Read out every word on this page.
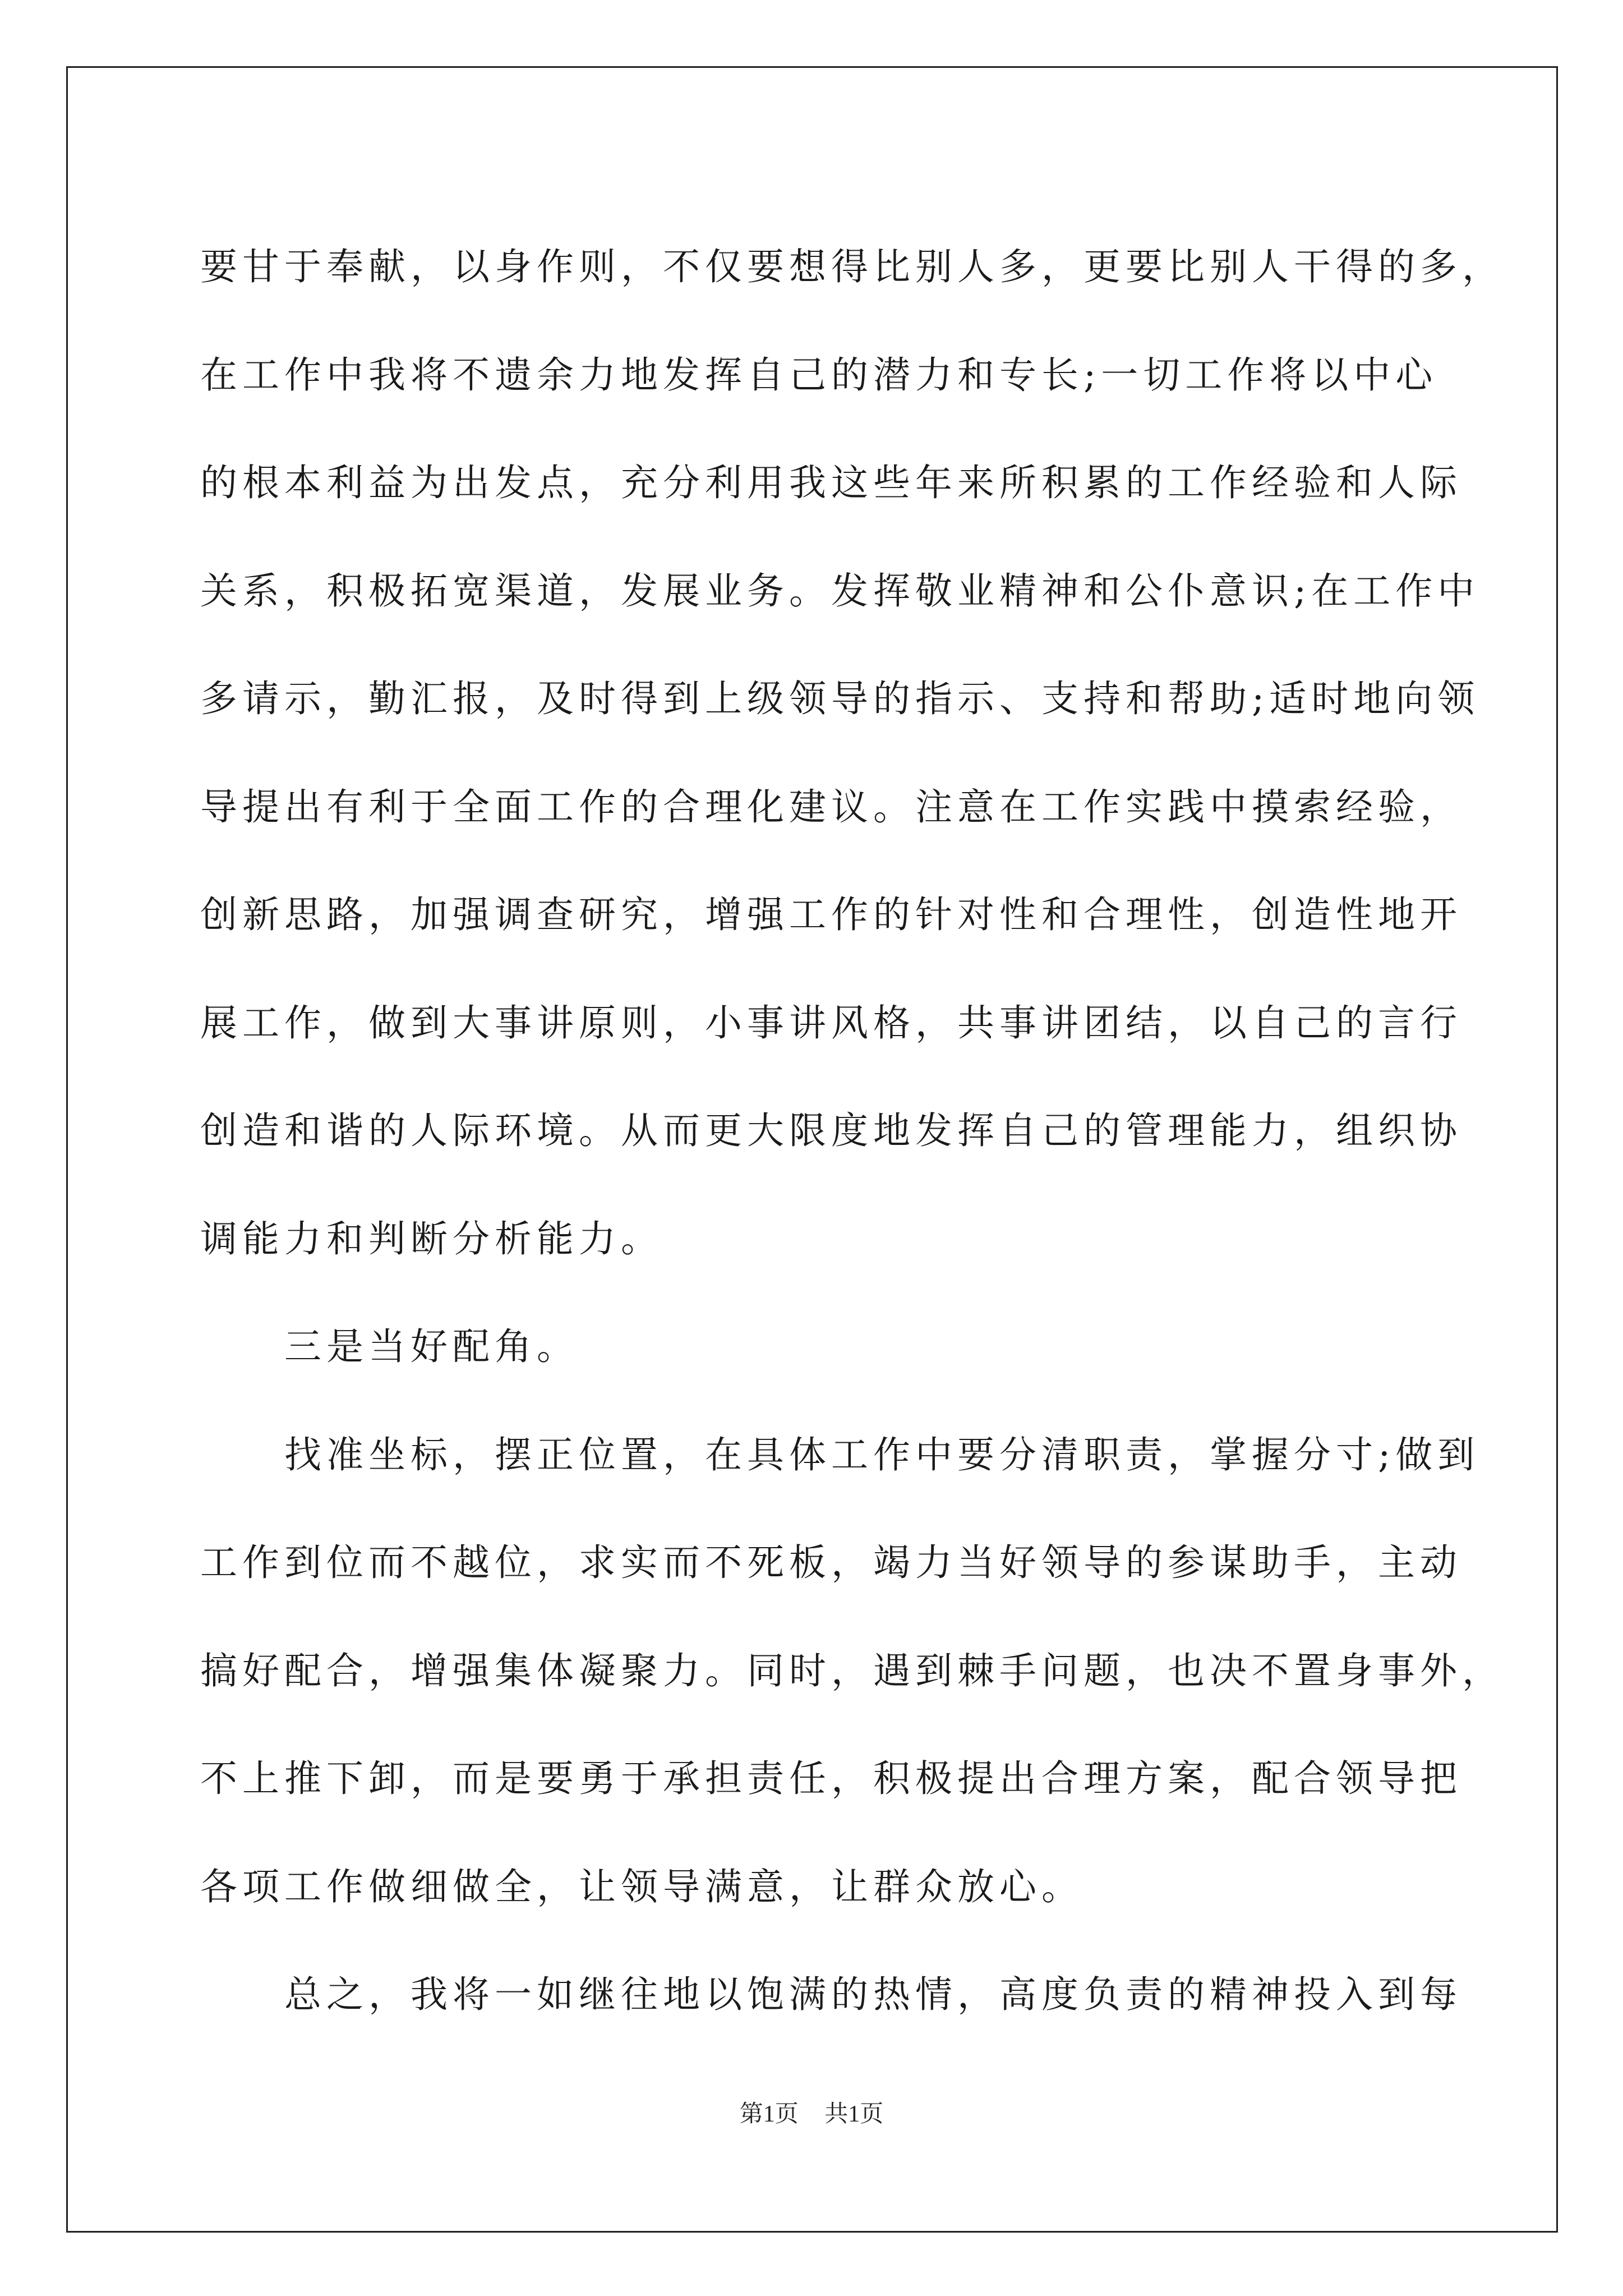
要甘于奉献，以身作则，不仅要想得比别人多，更要比别人干得的多，
在工作中我将不遗余力地发挥自己的潜力和专长;一切工作将以中心
的根本利益为出发点，充分利用我这些年来所积累的工作经验和人际
关系，积极拓宽渠道，发展业务。发挥敬业精神和公仆意识;在工作中
多请示，勤汇报，及时得到上级领导的指示、支持和帮助;适时地向领
导提出有利于全面工作的合理化建议。注意在工作实践中摸索经验，
创新思路，加强调查研究，增强工作的针对性和合理性，创造性地开
展工作，做到大事讲原则，小事讲风格，共事讲团结，以自己的言行
创造和谐的人际环境。从而更大限度地发挥自己的管理能力，组织协
调能力和判断分析能力。
三是当好配角。
找准坐标，摆正位置，在具体工作中要分清职责，掌握分寸;做到
工作到位而不越位，求实而不死板，竭力当好领导的参谋助手，主动
搞好配合，增强集体凝聚力。同时，遇到棘手问题，也决不置身事外，
不上推下卸，而是要勇于承担责任，积极提出合理方案，配合领导把
各项工作做细做全，让领导满意，让群众放心。
总之，我将一如继往地以饱满的热情，高度负责的精神投入到每
第1页 共1页
